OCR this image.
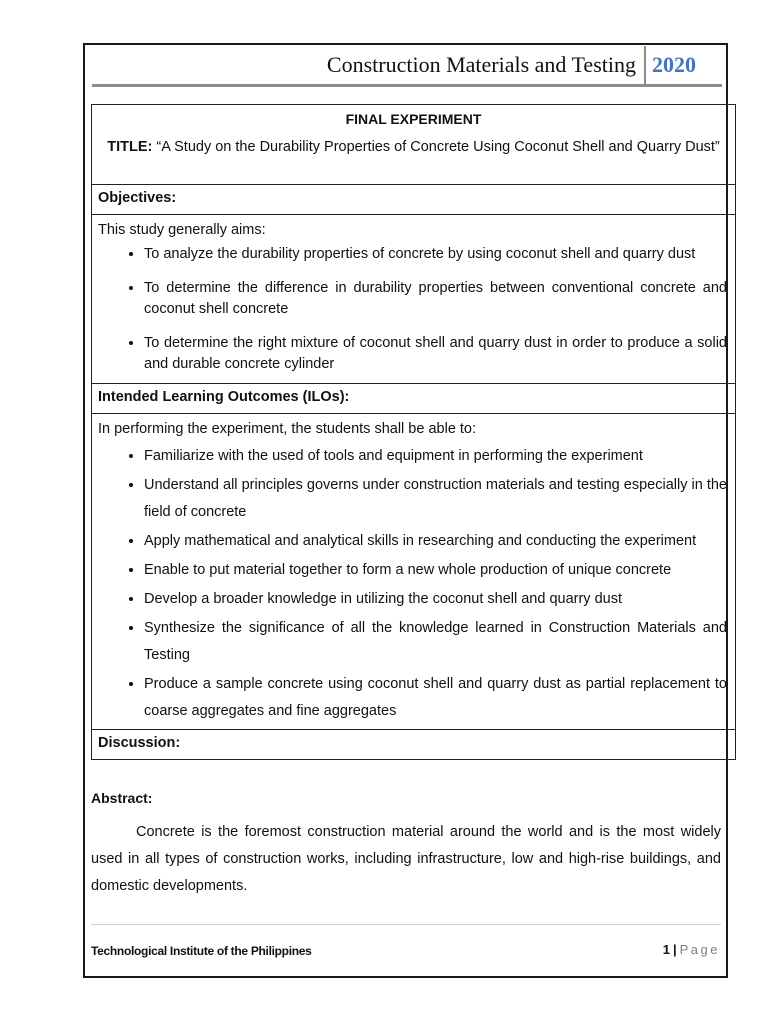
Construction Materials and Testing 2020
FINAL EXPERIMENT
TITLE: “A Study on the Durability Properties of Concrete Using Coconut Shell and Quarry Dust”
Objectives:
This study generally aims:
• To analyze the durability properties of concrete by using coconut shell and quarry dust
• To determine the difference in durability properties between conventional concrete and coconut shell concrete
• To determine the right mixture of coconut shell and quarry dust in order to produce a solid and durable concrete cylinder
Intended Learning Outcomes (ILOs):
In performing the experiment, the students shall be able to:
• Familiarize with the used of tools and equipment in performing the experiment
• Understand all principles governs under construction materials and testing especially in the field of concrete
• Apply mathematical and analytical skills in researching and conducting the experiment
• Enable to put material together to form a new whole production of unique concrete
• Develop a broader knowledge in utilizing the coconut shell and quarry dust
• Synthesize the significance of all the knowledge learned in Construction Materials and Testing
• Produce a sample concrete using coconut shell and quarry dust as partial replacement to coarse aggregates and fine aggregates
Discussion:
Abstract:
Concrete is the foremost construction material around the world and is the most widely used in all types of construction works, including infrastructure, low and high-rise buildings, and domestic developments.
Technological Institute of the Philippines	1 | Page
